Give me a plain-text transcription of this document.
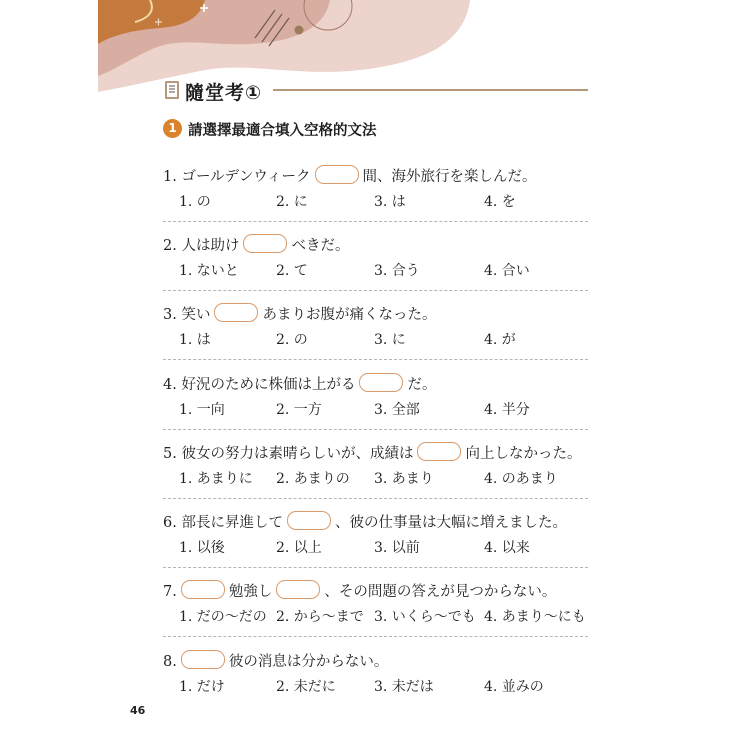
隨堂考①
1 請選擇最適合填入空格的文法
1. ゴールデンウィーク	間、海外旅行を楽しんだ。
1. の	2. に	3. は	4. を
2. 人は助け	べきだ。
1. ないと	2. て	3. 合う	4. 合い
3. 笑い	あまりお腹が痛くなった。
1. は	2. の	3. に	4. が
4. 好況のために株価は上がる	だ。
1. 一向	2. 一方	3. 全部	4. 半分
5. 彼女の努力は素晴らしいが、成績は	向上しなかった。
1. あまりに 2. あまりの 3. あまり	4. のあまり
6. 部長に昇進して	、彼の仕事量は大幅に増えました。
1. 以後	2. 以上	3. 以前	4. 以来
7.	勉強し	、その問題の答えが見つからない。
1. だの～だの 2. から～まで 3. いくら～でも 4. あまり～にも
8.	彼の消息は分からない。
1. だけ	2. 未だに	3. 未だは	4. 並みの
46
